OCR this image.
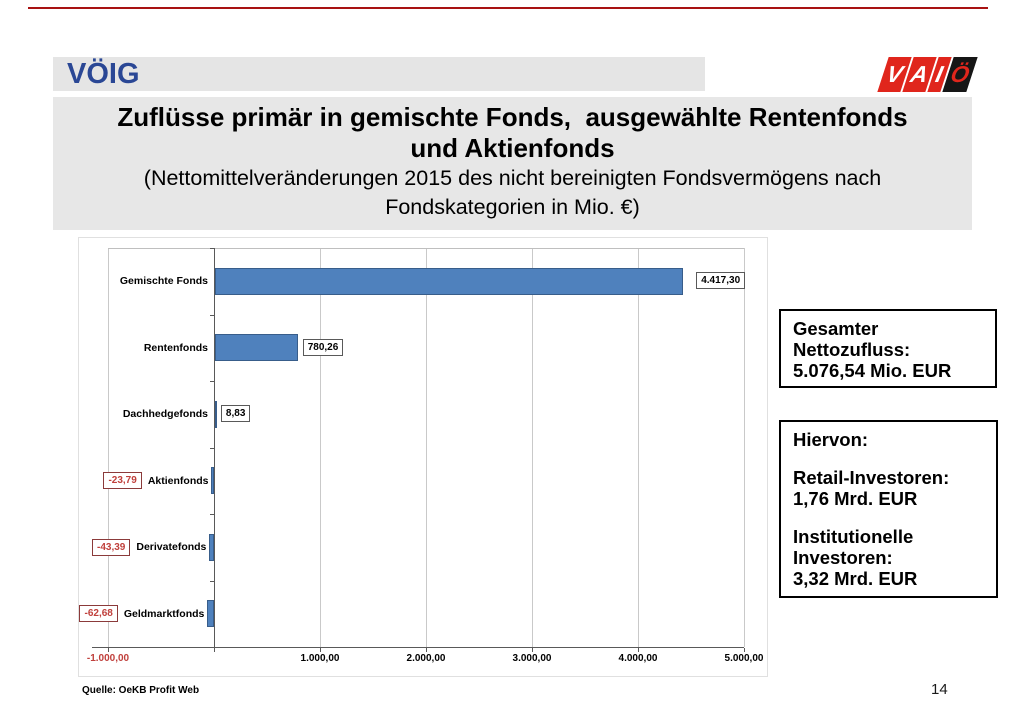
VÖIG	V A I Ö
Zuflüsse primär in gemischte Fonds,  ausgewählte Rentenfonds
und Aktienfonds
(Nettomittelveränderungen 2015 des nicht bereinigten Fondsvermögens nach
Fondskategorien in Mio. €)
-1.000,00	1.000,00	2.000,00	3.000,00	4.000,00	5.000,00
Gemischte Fonds	4.417,30
Rentenfonds	780,26
Dachhedgefonds	8,83
-23,79	Aktienfonds
-43,39	Derivatefonds
-62,68	Geldmarktfonds
Gesamter
Nettozufluss:
5.076,54 Mio. EUR
Hiervon:
Retail-Investoren:
1,76 Mrd. EUR
Institutionelle
Investoren:
3,32 Mrd. EUR
Quelle: OeKB Profit Web	14
